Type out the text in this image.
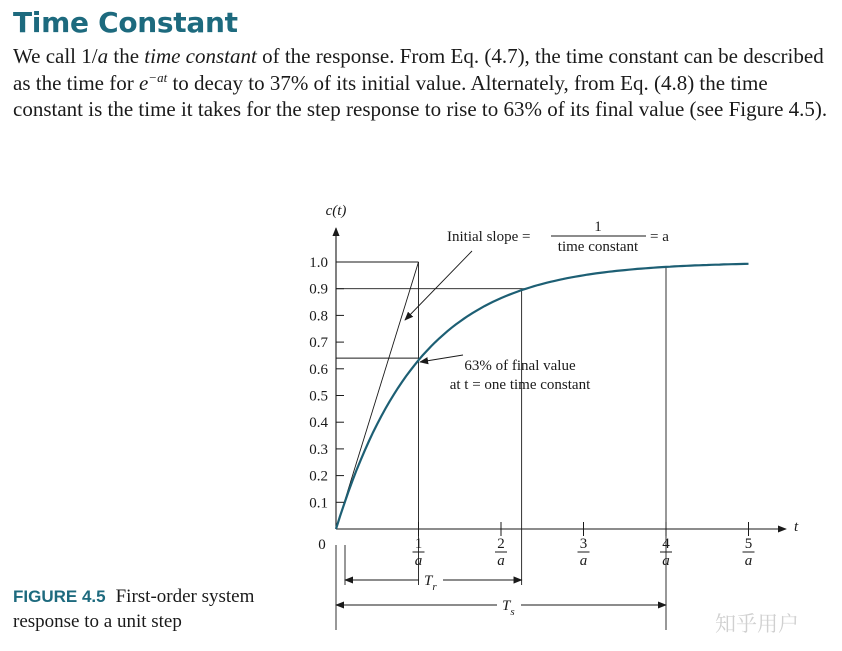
Time Constant

We call 1/a the time constant of the response. From Eq. (4.7), the time constant can be described as the time for $e^{-at}$ to decay to 37% of its initial value. Alternately, from Eq. (4.8) the time constant is the time it takes for the step response to rise to 63% of its final value (see Figure 4.5).

c(t)
t
0
0.1
0.2
0.3
0.4
0.5
0.6
0.7
0.8
0.9
1.0
1
a
2
a
3
a
4
a
5
a
Initial slope =
1
time constant
= a
63% of final value
at t = one time constant
$T_r$
$T_s$
FIGURE 4.5 First-order system response to a unit step	知乎用户
